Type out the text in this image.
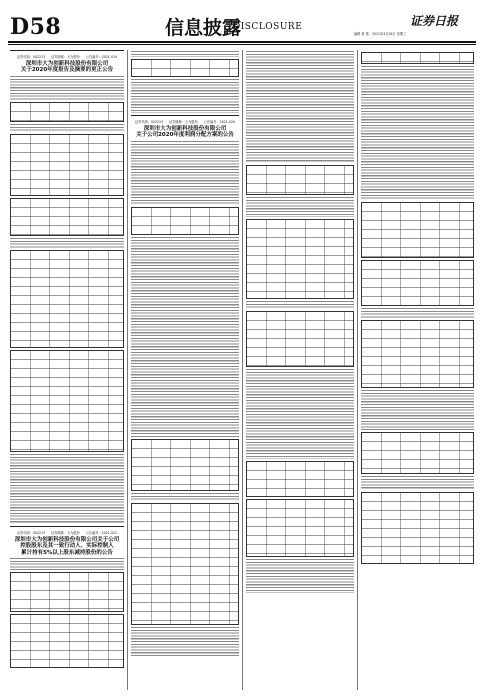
D58	信息披露
DISCLOSURE	证券日报
编辑 蒋 蕾　2021年4月28日 星期三
证券代码：002213 证券简称：大为股份 公告编号：2021-019
深圳市大为创新科技股份有限公司
关于2020年度报告及摘要的更正公告
证券代码：002213 证券简称：大为股份 公告编号：2021-021
深圳市大为创新科技股份有限公司关于公司
控股股东及其一致行动人、实际控制人
累计持有5%以上股东减持股份的公告
证券代码：002213 证券简称：大为股份 公告编号：2021-020
深圳市大为创新科技股份有限公司
关于公司2020年度利润分配方案的公告
